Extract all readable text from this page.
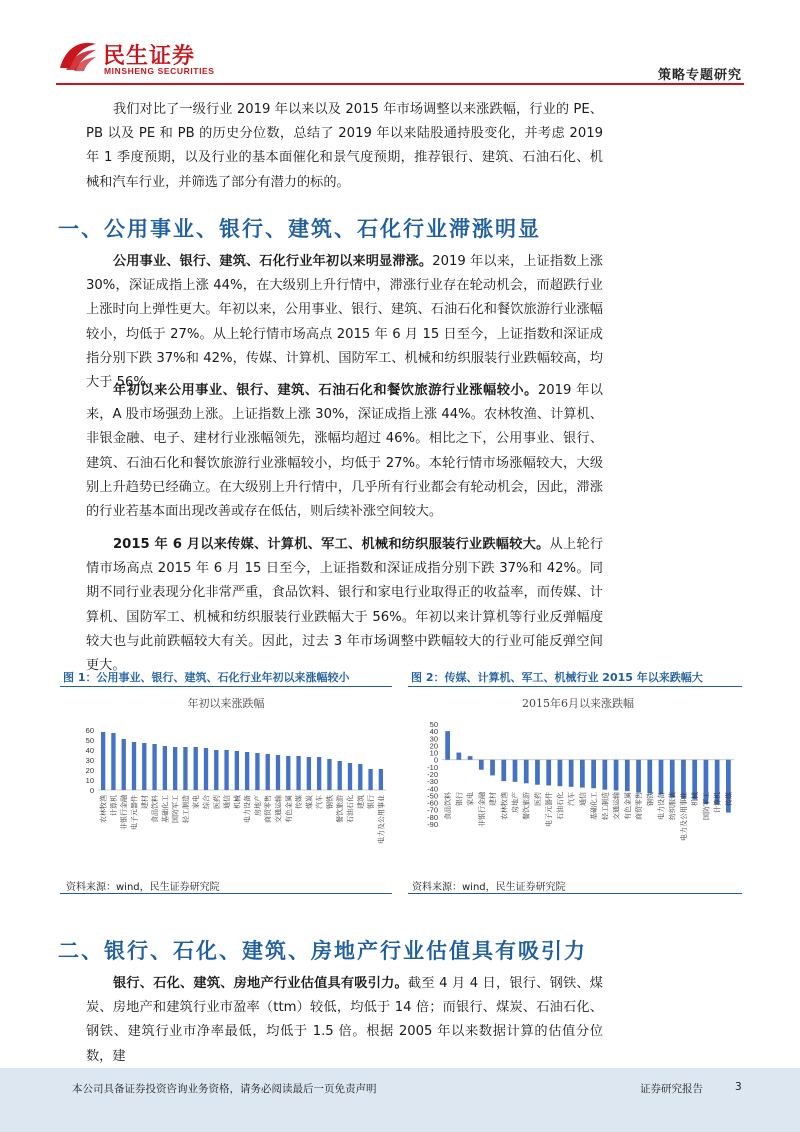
民生证券
MINSHENG SECURITIES	策略专题研究

我们对比了一级行业 2019 年以来以及 2015 年市场调整以来涨跌幅，行业的 PE、PB 以及 PE 和 PB 的历史分位数，总结了 2019 年以来陆股通持股变化，并考虑 2019 年 1 季度预期，以及行业的基本面催化和景气度预期，推荐银行、建筑、石油石化、机械和汽车行业，并筛选了部分有潜力的标的。

一、公用事业、银行、建筑、石化行业滞涨明显

公用事业、银行、建筑、石化行业年初以来明显滞涨。2019 年以来，上证指数上涨 30%，深证成指上涨 44%，在大级别上升行情中，滞涨行业存在轮动机会，而超跌行业上涨时向上弹性更大。年初以来，公用事业、银行、建筑、石油石化和餐饮旅游行业涨幅较小，均低于 27%。从上轮行情市场高点 2015 年 6 月 15 日至今，上证指数和深证成指分别下跌 37%和 42%，传媒、计算机、国防军工、机械和纺织服装行业跌幅较高，均大于 56%。

年初以来公用事业、银行、建筑、石油石化和餐饮旅游行业涨幅较小。2019 年以来，A 股市场强劲上涨。上证指数上涨 30%，深证成指上涨 44%。农林牧渔、计算机、非银金融、电子、建材行业涨幅领先，涨幅均超过 46%。相比之下，公用事业、银行、建筑、石油石化和餐饮旅游行业涨幅较小，均低于 27%。本轮行情市场涨幅较大，大级别上升趋势已经确立。在大级别上升行情中，几乎所有行业都会有轮动机会，因此，滞涨的行业若基本面出现改善或存在低估，则后续补涨空间较大。

2015 年 6 月以来传媒、计算机、军工、机械和纺织服装行业跌幅较大。从上轮行情市场高点 2015 年 6 月 15 日至今，上证指数和深证成指分别下跌 37%和 42%。同期不同行业表现分化非常严重，食品饮料、银行和家电行业取得正的收益率，而传媒、计算机、国防军工、机械和纺织服装行业跌幅大于 56%。年初以来计算机等行业反弹幅度较大也与此前跌幅较大有关。因此，过去 3 年市场调整中跌幅较大的行业可能反弹空间更大。

图 1：公用事业、银行、建筑、石化行业年初以来涨幅较小
年初以来涨跌幅
0
10
20
30
40
50
60
农林牧渔 计算机 非银行金融 电子元器件 建材 食品饮料 基础化工 国防军工 轻工制造 家电 综合 医药 通信 机械 电力设备 房地产 商贸零售 交通运输 有色金属 传媒 煤炭 汽车 钢铁 餐饮旅游 石油石化 建筑 银行 电力及公用事业
资料来源：wind，民生证券研究院
图 2：传媒、计算机、军工、机械行业 2015 年以来跌幅大
2015年6月以来涨跌幅
50
40
30
20
10
0
-10
-20
-30
-40
-50
-60
-70
-80
-90
食品饮料 银行 家电 非银行金融 建材 农林牧渔 房地产 餐饮旅游 医药 电子元器件 石油石化 汽车 通信 基础化工 轻工制造 交通运输 有色金属 商贸零售 钢铁 电力设备 纺织服装 电力及公用事业 机械 国防军工 计算机 传媒
资料来源：wind，民生证券研究院
二、银行、石化、建筑、房地产行业估值具有吸引力

银行、石化、建筑、房地产行业估值具有吸引力。截至 4 月 4 日，银行、钢铁、煤炭、房地产和建筑行业市盈率（ttm）较低，均低于 14 倍；而银行、煤炭、石油石化、钢铁、建筑行业市净率最低，均低于 1.5 倍。根据 2005 年以来数据计算的估值分位数，建

本公司具备证券投资咨询业务资格，请务必阅读最后一页免责声明	证券研究报告	3
